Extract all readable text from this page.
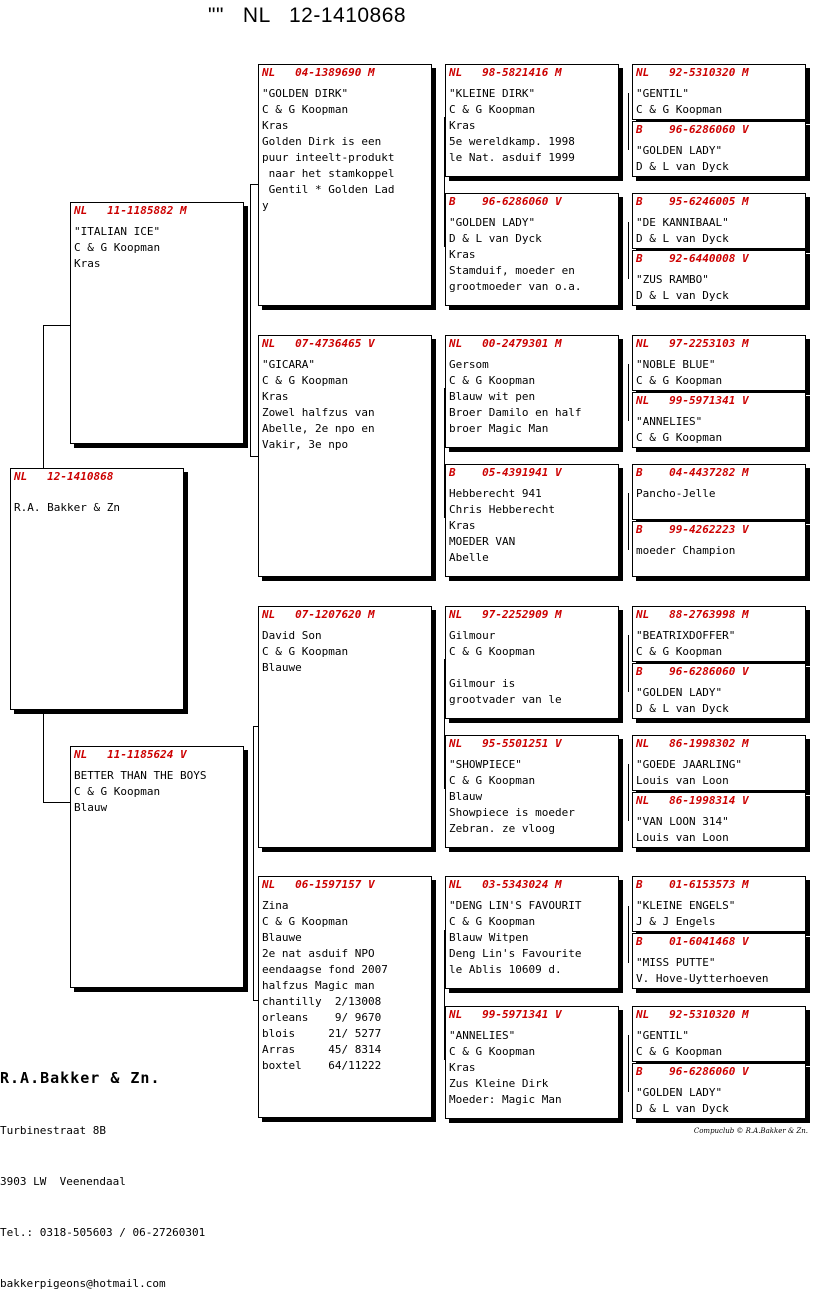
""   NL   12-1410868
NL   12-1410868

R.A. Bakker & Zn
NL   11-1185882 M
"ITALIAN ICE"
C & G Koopman
Kras
NL   11-1185624 V
BETTER THAN THE BOYS
C & G Koopman
Blauw
NL   04-1389690 M
"GOLDEN DIRK"
C & G Koopman
Kras
Golden Dirk is een
puur inteelt-produkt
naar het stamkoppel
Gentil * Golden Lad
y
NL   07-4736465 V
"GICARA"
C & G Koopman
Kras
Zowel halfzus van
Abelle, 2e npo en
Vakir, 3e npo
NL   07-1207620 M
David Son
C & G Koopman
Blauwe
NL   06-1597157 V
Zina
C & G Koopman
Blauwe
2e nat asduif NPO
eendaagse fond 2007
halfzus Magic man
chantilly  2/13008
orleans    9/ 9670
blois     21/ 5277
Arras     45/ 8314
boxtel    64/11222
NL   98-5821416 M
"KLEINE DIRK"
C & G Koopman
Kras
5e wereldkamp. 1998
le Nat. asduif 1999
B    96-6286060 V
"GOLDEN LADY"
D & L van Dyck
Kras
Stamduif, moeder en
grootmoeder van o.a.
NL   00-2479301 M
Gersom
C & G Koopman
Blauw wit pen
Broer Damilo en half
broer Magic Man
B    05-4391941 V
Hebberecht 941
Chris Hebberecht
Kras
MOEDER VAN
Abelle
NL   97-2252909 M
Gilmour
C & G Koopman

Gilmour is
grootvader van le
NL   95-5501251 V
"SHOWPIECE"
C & G Koopman
Blauw
Showpiece is moeder
Zebran. ze vloog
NL   03-5343024 M
"DENG LIN'S FAVOURIT
C & G Koopman
Blauw Witpen
Deng Lin's Favourite
le Ablis 10609 d.
NL   99-5971341 V
"ANNELIES"
C & G Koopman
Kras
Zus Kleine Dirk
Moeder: Magic Man
NL   92-5310320 M
"GENTIL"
C & G Koopman
B    96-6286060 V
"GOLDEN LADY"
D & L van Dyck
B    95-6246005 M
"DE KANNIBAAL"
D & L van Dyck
B    92-6440008 V
"ZUS RAMBO"
D & L van Dyck
NL   97-2253103 M
"NOBLE BLUE"
C & G Koopman
NL   99-5971341 V
"ANNELIES"
C & G Koopman
B    04-4437282 M
Pancho-Jelle

B    99-4262223 V
moeder Champion

NL   88-2763998 M
"BEATRIXDOFFER"
C & G Koopman
B    96-6286060 V
"GOLDEN LADY"
D & L van Dyck
NL   86-1998302 M
"GOEDE JAARLING"
Louis van Loon
NL   86-1998314 V
"VAN LOON 314"
Louis van Loon
B    01-6153573 M
"KLEINE ENGELS"
J & J Engels
B    01-6041468 V
"MISS PUTTE"
V. Hove-Uytterhoeven
NL   92-5310320 M
"GENTIL"
C & G Koopman
B    96-6286060 V
"GOLDEN LADY"
D & L van Dyck

R.A.Bakker & Zn.

Turbinestraat 8B

3903 LW  Veenendaal

Tel.: 0318-505603 / 06-27260301

bakkerpigeons@hotmail.com

Compuclub © R.A.Bakker & Zn.
